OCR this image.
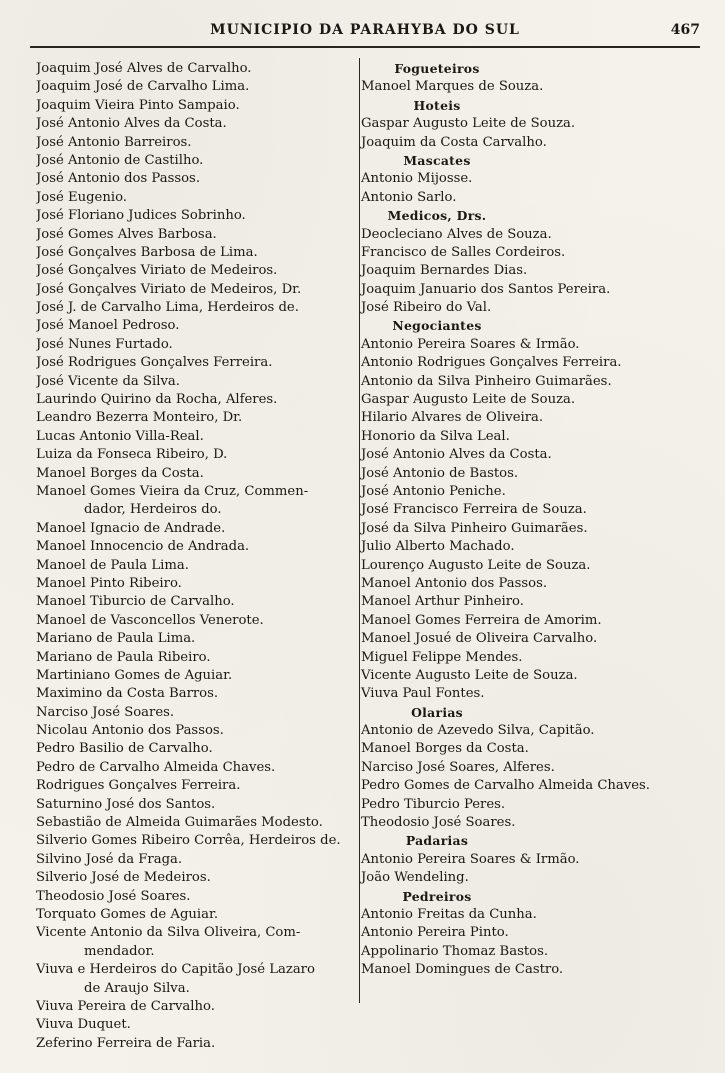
MUNICIPIO DA PARAHYBA DO SUL	467
Joaquim José Alves de Carvalho.
Joaquim José de Carvalho Lima.
Joaquim Vieira Pinto Sampaio.
José Antonio Alves da Costa.
José Antonio Barreiros.
José Antonio de Castilho.
José Antonio dos Passos.
José Eugenio.
José Floriano Judices Sobrinho.
José Gomes Alves Barbosa.
José Gonçalves Barbosa de Lima.
José Gonçalves Viriato de Medeiros.
José Gonçalves Viriato de Medeiros, Dr.
José J. de Carvalho Lima, Herdeiros de.
José Manoel Pedroso.
José Nunes Furtado.
José Rodrigues Gonçalves Ferreira.
José Vicente da Silva.
Laurindo Quirino da Rocha, Alferes.
Leandro Bezerra Monteiro, Dr.
Lucas Antonio Villa-Real.
Luiza da Fonseca Ribeiro, D.
Manoel Borges da Costa.
Manoel Gomes Vieira da Cruz, Commen-
dador, Herdeiros do.
Manoel Ignacio de Andrade.
Manoel Innocencio de Andrada.
Manoel de Paula Lima.
Manoel Pinto Ribeiro.
Manoel Tiburcio de Carvalho.
Manoel de Vasconcellos Venerote.
Mariano de Paula Lima.
Mariano de Paula Ribeiro.
Martiniano Gomes de Aguiar.
Maximino da Costa Barros.
Narciso José Soares.
Nicolau Antonio dos Passos.
Pedro Basilio de Carvalho.
Pedro de Carvalho Almeida Chaves.
Rodrigues Gonçalves Ferreira.
Saturnino José dos Santos.
Sebastião de Almeida Guimarães Modesto.
Silverio Gomes Ribeiro Corrêa, Herdeiros de.
Silvino José da Fraga.
Silverio José de Medeiros.
Theodosio José Soares.
Torquato Gomes de Aguiar.
Vicente Antonio da Silva Oliveira, Com-
mendador.
Viuva e Herdeiros do Capitão José Lazaro
de Araujo Silva.
Viuva Pereira de Carvalho.
Viuva Duquet.
Zeferino Ferreira de Faria.
Fogueteiros
Manoel Marques de Souza.
Hoteis
Gaspar Augusto Leite de Souza.
Joaquim da Costa Carvalho.
Mascates
Antonio Mijosse.
Antonio Sarlo.
Medicos, Drs.
Deocleciano Alves de Souza.
Francisco de Salles Cordeiros.
Joaquim Bernardes Dias.
Joaquim Januario dos Santos Pereira.
José Ribeiro do Val.
Negociantes
Antonio Pereira Soares & Irmão.
Antonio Rodrigues Gonçalves Ferreira.
Antonio da Silva Pinheiro Guimarães.
Gaspar Augusto Leite de Souza.
Hilario Alvares de Oliveira.
Honorio da Silva Leal.
José Antonio Alves da Costa.
José Antonio de Bastos.
José Antonio Peniche.
José Francisco Ferreira de Souza.
José da Silva Pinheiro Guimarães.
Julio Alberto Machado.
Lourenço Augusto Leite de Souza.
Manoel Antonio dos Passos.
Manoel Arthur Pinheiro.
Manoel Gomes Ferreira de Amorim.
Manoel Josué de Oliveira Carvalho.
Miguel Felippe Mendes.
Vicente Augusto Leite de Souza.
Viuva Paul Fontes.
Olarias
Antonio de Azevedo Silva, Capitão.
Manoel Borges da Costa.
Narciso José Soares, Alferes.
Pedro Gomes de Carvalho Almeida Chaves.
Pedro Tiburcio Peres.
Theodosio José Soares.
Padarias
Antonio Pereira Soares & Irmão.
João Wendeling.
Pedreiros
Antonio Freitas da Cunha.
Antonio Pereira Pinto.
Appolinario Thomaz Bastos.
Manoel Domingues de Castro.
